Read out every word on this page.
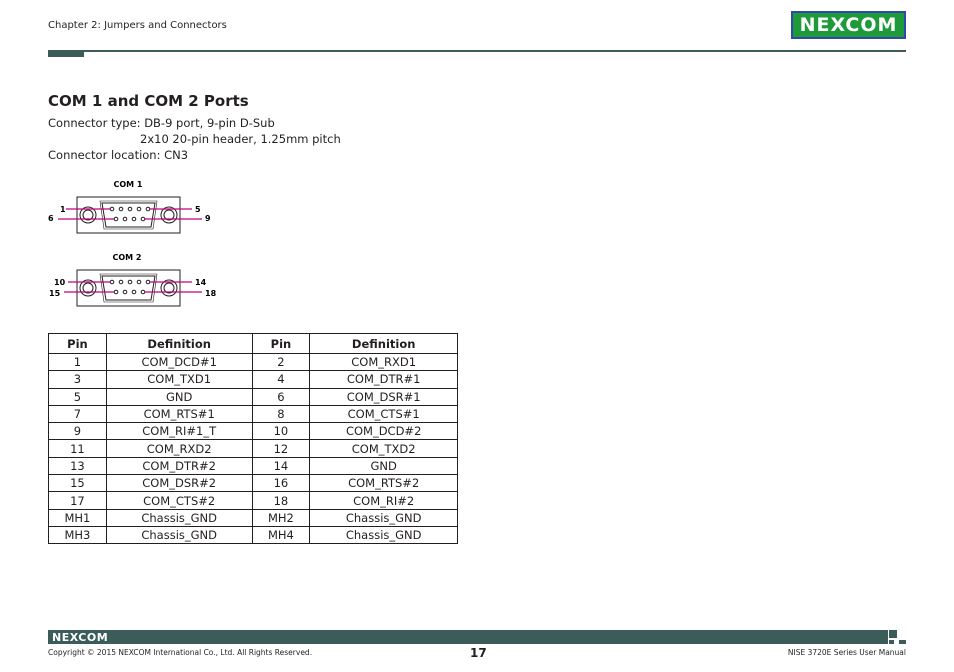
Chapter 2: Jumpers and Connectors	NEXCOM
COM 1 and COM 2 Ports
Connector type: DB-9 port, 9-pin D-Sub
2x10 20-pin header, 1.25mm pitch
Connector location: CN3
COM 1
1	5
6	9
COM 2
10	14
15	18
Pin	Definition	Pin	Definition
1	COM_DCD#1	2	COM_RXD1
3	COM_TXD1	4	COM_DTR#1
5	GND	6	COM_DSR#1
7	COM_RTS#1	8	COM_CTS#1
9	COM_RI#1_T	10	COM_DCD#2
11	COM_RXD2	12	COM_TXD2
13	COM_DTR#2	14	GND
15	COM_DSR#2	16	COM_RTS#2
17	COM_CTS#2	18	COM_RI#2
MH1	Chassis_GND	MH2	Chassis_GND
MH3	Chassis_GND	MH4	Chassis_GND
NEXCOM
Copyright © 2015 NEXCOM International Co., Ltd. All Rights Reserved.	17	NISE 3720E Series User Manual
